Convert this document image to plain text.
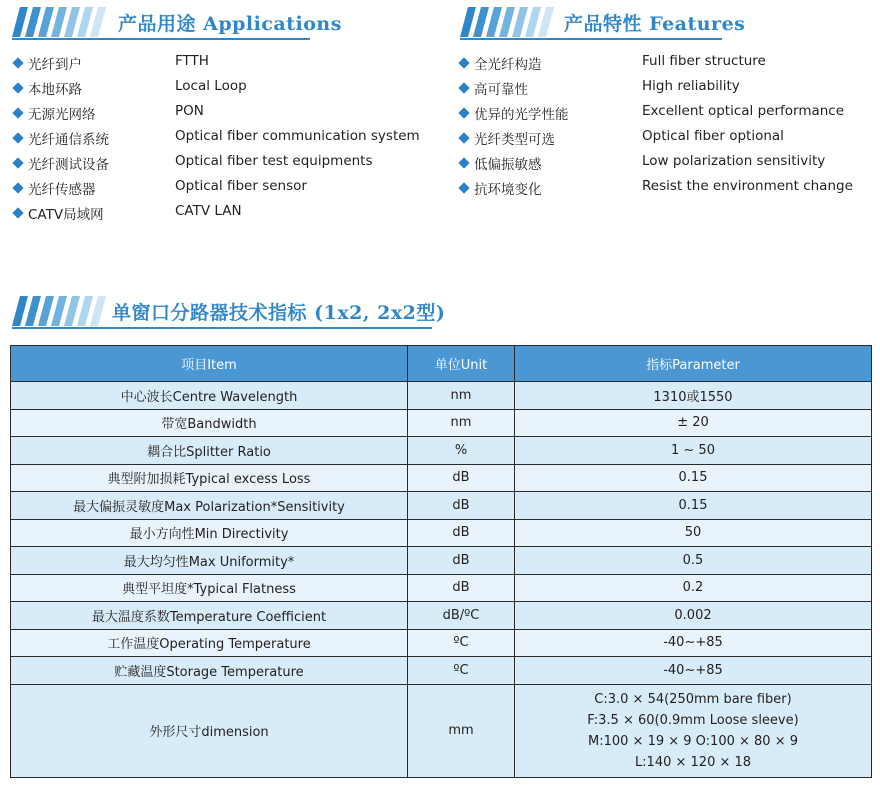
产品用途 Applications
光纤到户	FTTH
本地环路	Local Loop
无源光网络	PON
光纤通信系统	Optical fiber communication system
光纤测试设备	Optical fiber test equipments
光纤传感器	Optical fiber sensor
CATV局域网	CATV LAN
产品特性 Features
全光纤构造	Full fiber structure
高可靠性	High reliability
优异的光学性能	Excellent optical performance
光纤类型可选	Optical fiber optional
低偏振敏感	Low polarization sensitivity
抗环境变化	Resist the environment change
单窗口分路器技术指标 (1x2, 2x2型)
项目Item	单位Unit	指标Parameter
中心波长Centre Wavelength	nm	1310或1550
带宽Bandwidth	nm	± 20
耦合比Splitter Ratio	%	1 ~ 50
典型附加损耗Typical excess Loss	dB	0.15
最大偏振灵敏度Max Polarization*Sensitivity	dB	0.15
最小方向性Min Directivity	dB	50
最大均匀性Max Uniformity*	dB	0.5
典型平坦度*Typical Flatness	dB	0.2
最大温度系数Temperature Coefficient	dB/ºC	0.002
工作温度Operating Temperature	ºC	-40~+85
贮藏温度Storage Temperature	ºC	-40~+85
外形尺寸dimension	mm	C:3.0 × 54(250mm bare fiber)
F:3.5 × 60(0.9mm Loose sleeve)
M:100 × 19 × 9 O:100 × 80 × 9
L:140 × 120 × 18
